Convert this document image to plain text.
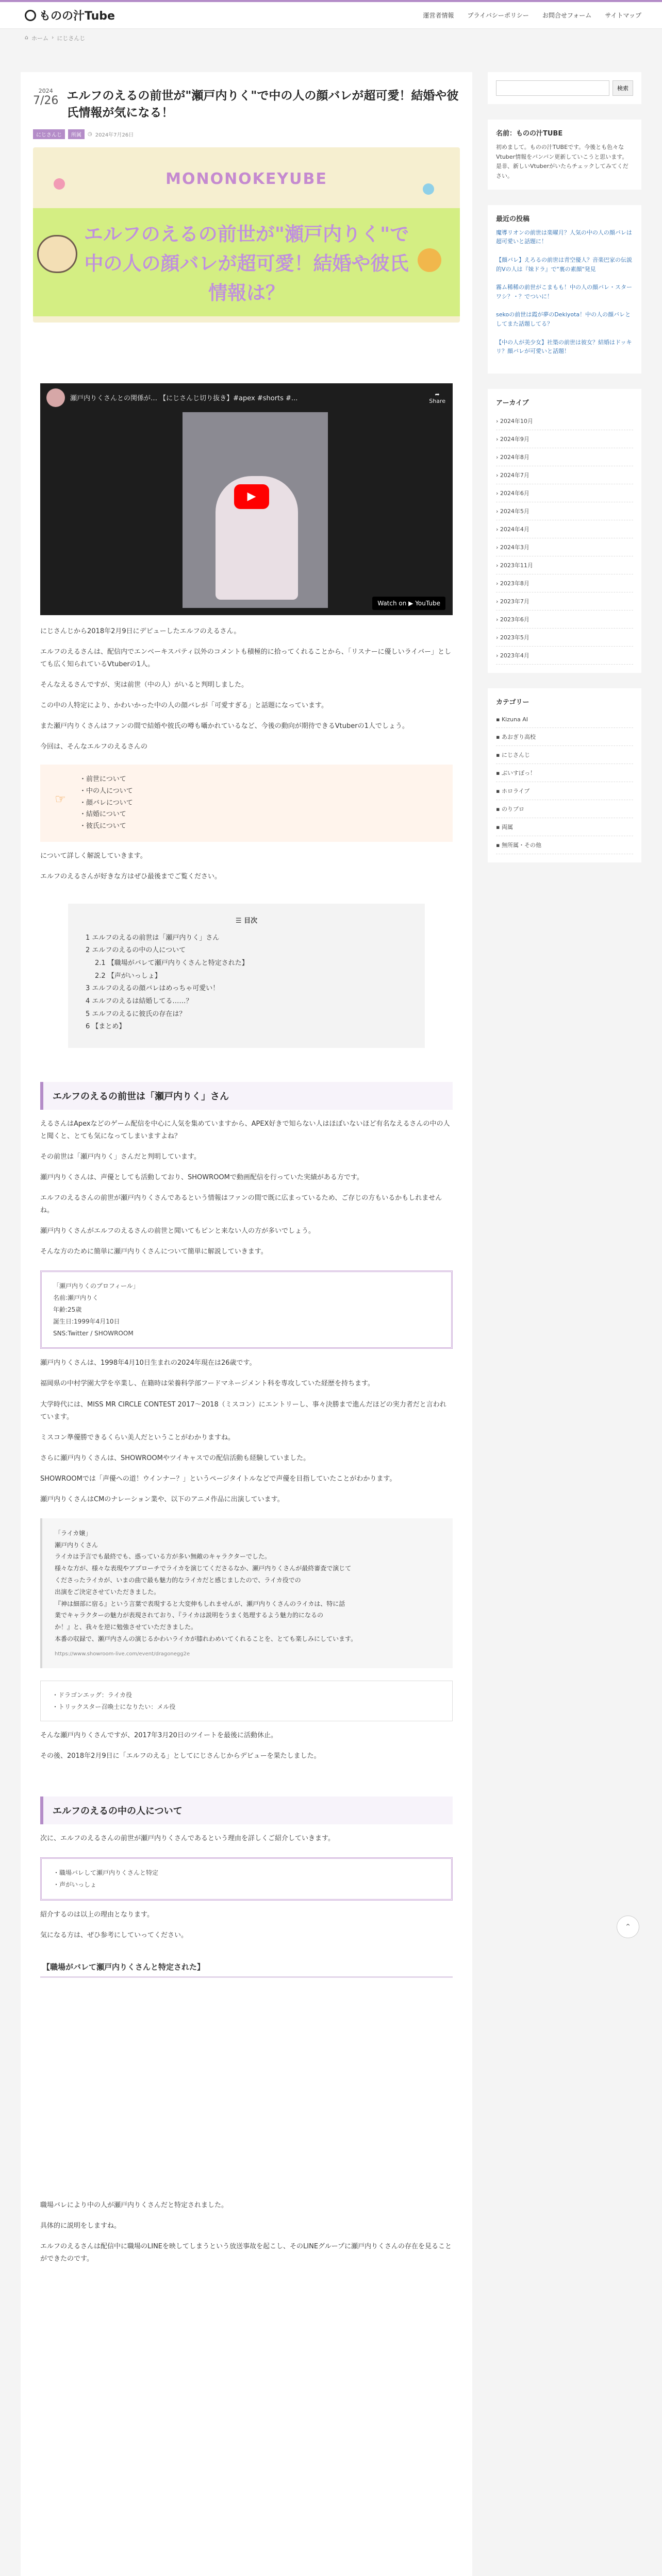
ものの汁Tube	運営者情報 プライバシーポリシー お問合せフォーム サイトマップ
⌂ ホーム › にじさんじ
2024
7/26 エルフのえるの前世が"瀬戸内りく"で中の人の顔バレが超可愛！結婚や彼氏情報が気になる！
にじさんじ	所属	◷ 2024年7月26日
MONONOKEYUBE
エルフのえるの前世が"瀬戸内りく"で中の人の顔バレが超可愛！結婚や彼氏情報は？
瀬戸内りくさんとの関係が… 【にじさんじ切り抜き】#apex #shorts #...
➦
Share
▶
Watch on ▶ YouTube

にじさんじから2018年2月9日にデビューしたエルフのえるさん。

エルフのえるさんは、配信内でエンベーキスパティ以外のコメントも積極的に拾ってくれることから、「リスナーに優しいライバー」としても広く知られているVtuberの1人。

そんなえるさんですが、実は前世（中の人）がいると判明しました。

この中の人特定により、かわいかった中の人の顔バレが「可愛すぎる」と話題になっています。

また瀬戸内りくさんはファンの間で結婚や彼氏の噂も囁かれているなど、今後の動向が期待できるVtuberの1人でしょう。

今回は、そんなエルフのえるさんの

☞
・前世について
・中の人について
・顔バレについて
・結婚について
・彼氏について

について詳しく解説していきます。

エルフのえるさんが好きな方はぜひ最後までご覧ください。

☰ 目次
1 エルフのえるの前世は「瀬戸内りく」さん
2 エルフのえるの中の人について
2.1 【職場がバレて瀬戸内りくさんと特定された】
2.2 【声がいっしょ】
3 エルフのえるの顔バレはめっちゃ可愛い！
4 エルフのえるは結婚してる……？
5 エルフのえるに彼氏の存在は？
6 【まとめ】
エルフのえるの前世は「瀬戸内りく」さん

えるさんはApexなどのゲーム配信を中心に人気を集めていますから、APEX好きで知らない人はほぼいないほど有名なえるさんの中の人と聞くと、とても気になってしまいますよね？

その前世は「瀬戸内りく」さんだと判明しています。

瀬戸内りくさんは、声優としても活動しており、SHOWROOMで動画配信を行っていた実績がある方です。

エルフのえるさんの前世が瀬戸内りくさんであるという情報はファンの間で既に広まっているため、ご存じの方もいるかもしれませんね。

瀬戸内りくさんがエルフのえるさんの前世と聞いてもピンと来ない人の方が多いでしょう。

そんな方のために簡単に瀬戸内りくさんについて簡単に解説していきます。

「瀬戸内りくのプロフィール」
名前:瀬戸内りく
年齢:25歳
誕生日:1999年4月10日
SNS:Twitter / SHOWROOM

瀬戸内りくさんは、1998年4月10日生まれの2024年現在は26歳です。

福岡県の中村学園大学を卒業し、在籍時は栄養科学部フードマネージメント科を専攻していた経歴を持ちます。

大学時代には、MISS MR CIRCLE CONTEST 2017～2018（ミスコン）にエントリーし、事々決勝まで進んだほどの実力者だと言われています。

ミスコン準優勝できるくらい美人だということがわかりますね。

さらに瀬戸内りくさんは、SHOWROOMやツイキャスでの配信活動も経験していました。

SHOWROOMでは「声優への道！ウインナー？」というページタイトルなどで声優を目指していたことがわかります。

瀬戸内りくさんはCMのナレーション業や、以下のアニメ作品に出演しています。

「ライカ嬢」
瀬戸内りくさん
ライカは予言でも最終でも、惑っている方が多い無敵のキャラクターでした。
様々な方が、様々な表現やアプローチでライカを演じてくださるなか、瀬戸内りくさんが最終審査で演じて
くださったライカが、いまの曲で最も魅力的なライカだと感じましたので、ライカ役での
出演をご決定させていただきました。
『神は細部に宿る』という言葉で表現すると大変伸もしれませんが、瀬戸内りくさんのライカは、特に話
業でキャラクターの魅力が表現されており、『ライカは説明をうまく処理するよう魅力的になるの
か！』と、我々を逆に勉強させていただきました。
本番の収録で、瀬戸内さんの演じるかわいライカが膝れわめいてくれることを、とても楽しみにしています。
https://www.showroom-live.com/event/dragonegg2e
・ドラゴンエッグ：ライカ役
・トリックスター召喚士になりたい：メル役

そんな瀬戸内りくさんですが、2017年3月20日のツイートを最後に活動休止。

その後、2018年2月9日に「エルフのえる」としてにじさんじからデビューを果たしました。

エルフのえるの中の人について

次に、エルフのえるさんの前世が瀬戸内りくさんであるという理由を詳しくご紹介していきます。

・職場バレして瀬戸内りくさんと特定
・声がいっしょ

紹介するのは以上の理由となります。

気になる方は、ぜひ参考にしていってください。

【職場がバレて瀬戸内りくさんと特定された】

職場バレにより中の人が瀬戸内りくさんだと特定されました。

具体的に説明をしますね。

エルフのえるさんは配信中に職場のLINEを映してしまうという放送事故を起こし、そのLINEグループに瀬戸内りくさんの存在を見ることができたのです。

検索
名前：ものの汁TUBE

初めまして。ものの汁TUBEです。今後とも色々なVtuber情報をバンバン更新していこうと思います。是非、新しいVtuberがいたらチェックしてみてください。

最近の投稿
魔導リオンの前世は楽曜月？人気の中の人の顔バレは超可愛いと話題に！
【顔バレ】えろるの前世は青空優人？音楽巴家の伝説的Vの人は『妹ドラ』で"裏の素顔"発見
霧ム稀稀の前世がこまもも！中の人の顔バレ・スターワシ？・？でついに！
sekoの前世は霞が夢のDekiyota！中の人の顔バレとしてまた話題してる？
【中の人が美少女】社築の前世は彼女？結婚はドッキリ？顔バレが可愛いと話題！
アーカイブ
› 2024年10月
› 2024年9月
› 2024年8月
› 2024年7月
› 2024年6月
› 2024年5月
› 2024年4月
› 2024年3月
› 2023年11月
› 2023年8月
› 2023年7月
› 2023年6月
› 2023年5月
› 2023年4月
カテゴリー
▪ Kizuna AI
▪ あおぎり高校
▪ にじさんじ
▪ ぶいすぽっ！
▪ ホロライブ
▪ のりプロ
▪ 両属
▪ 無所属・その他
⌃
